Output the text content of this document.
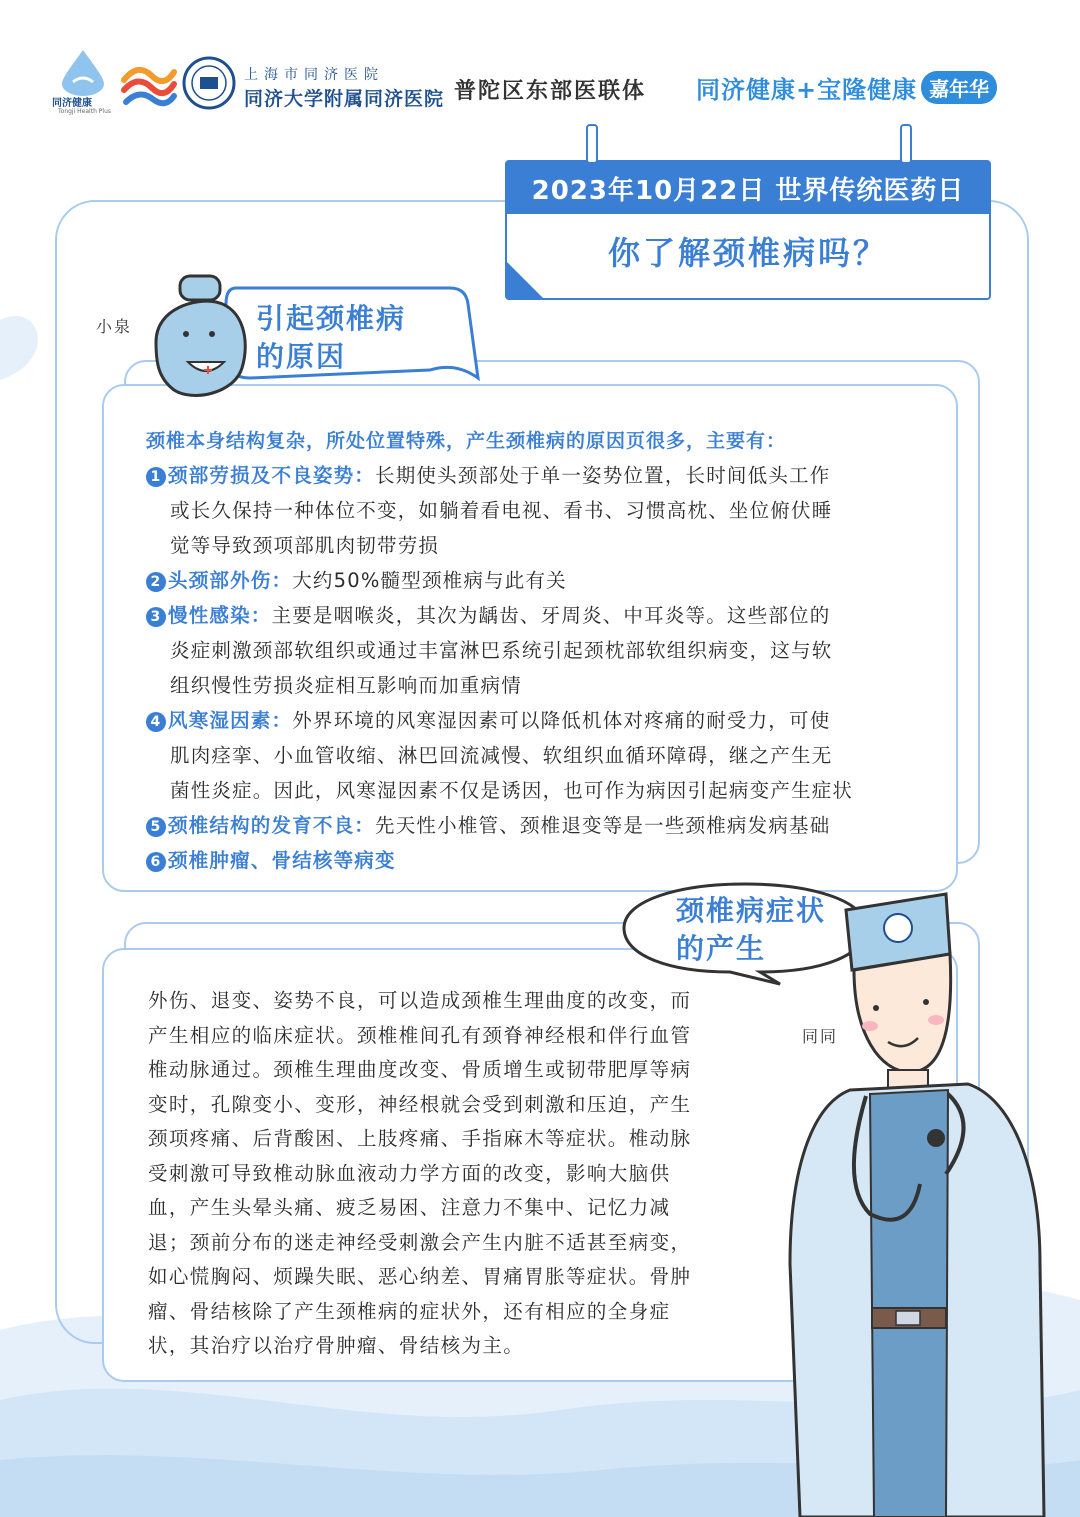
同济健康
Tongji Health Plus
上海市同济医院
同济大学附属同济医院 普陀区东部医联体 同济健康+宝隆健康 嘉年华
2023年10月22日 世界传统医药日
你了解颈椎病吗？
引起颈椎病
的原因
小泉
颈椎本身结构复杂，所处位置特殊，产生颈椎病的原因页很多，主要有：
1 颈部劳损及不良姿势：长期使头颈部处于单一姿势位置，长时间低头工作
或长久保持一种体位不变，如躺着看电视、看书、习惯高枕、坐位俯伏睡
觉等导致颈项部肌肉韧带劳损
2 头颈部外伤：大约50%髓型颈椎病与此有关
3 慢性感染：主要是咽喉炎，其次为龋齿、牙周炎、中耳炎等。这些部位的
炎症刺激颈部软组织或通过丰富淋巴系统引起颈枕部软组织病变，这与软
组织慢性劳损炎症相互影响而加重病情
4 风寒湿因素：外界环境的风寒湿因素可以降低机体对疼痛的耐受力，可使
肌肉痉挛、小血管收缩、淋巴回流减慢、软组织血循环障碍，继之产生无
菌性炎症。因此，风寒湿因素不仅是诱因，也可作为病因引起病变产生症状
5 颈椎结构的发育不良：先天性小椎管、颈椎退变等是一些颈椎病发病基础
6 颈椎肿瘤、骨结核等病变
颈椎病症状
的产生
外伤、退变、姿势不良，可以造成颈椎生理曲度的改变，而
产生相应的临床症状。颈椎椎间孔有颈脊神经根和伴行血管
椎动脉通过。颈椎生理曲度改变、骨质增生或韧带肥厚等病
变时，孔隙变小、变形，神经根就会受到刺激和压迫，产生
颈项疼痛、后背酸困、上肢疼痛、手指麻木等症状。椎动脉
受刺激可导致椎动脉血液动力学方面的改变，影响大脑供
血，产生头晕头痛、疲乏易困、注意力不集中、记忆力减
退；颈前分布的迷走神经受刺激会产生内脏不适甚至病变，
如心慌胸闷、烦躁失眠、恶心纳差、胃痛胃胀等症状。骨肿
瘤、骨结核除了产生颈椎病的症状外，还有相应的全身症
状，其治疗以治疗骨肿瘤、骨结核为主。
同同
